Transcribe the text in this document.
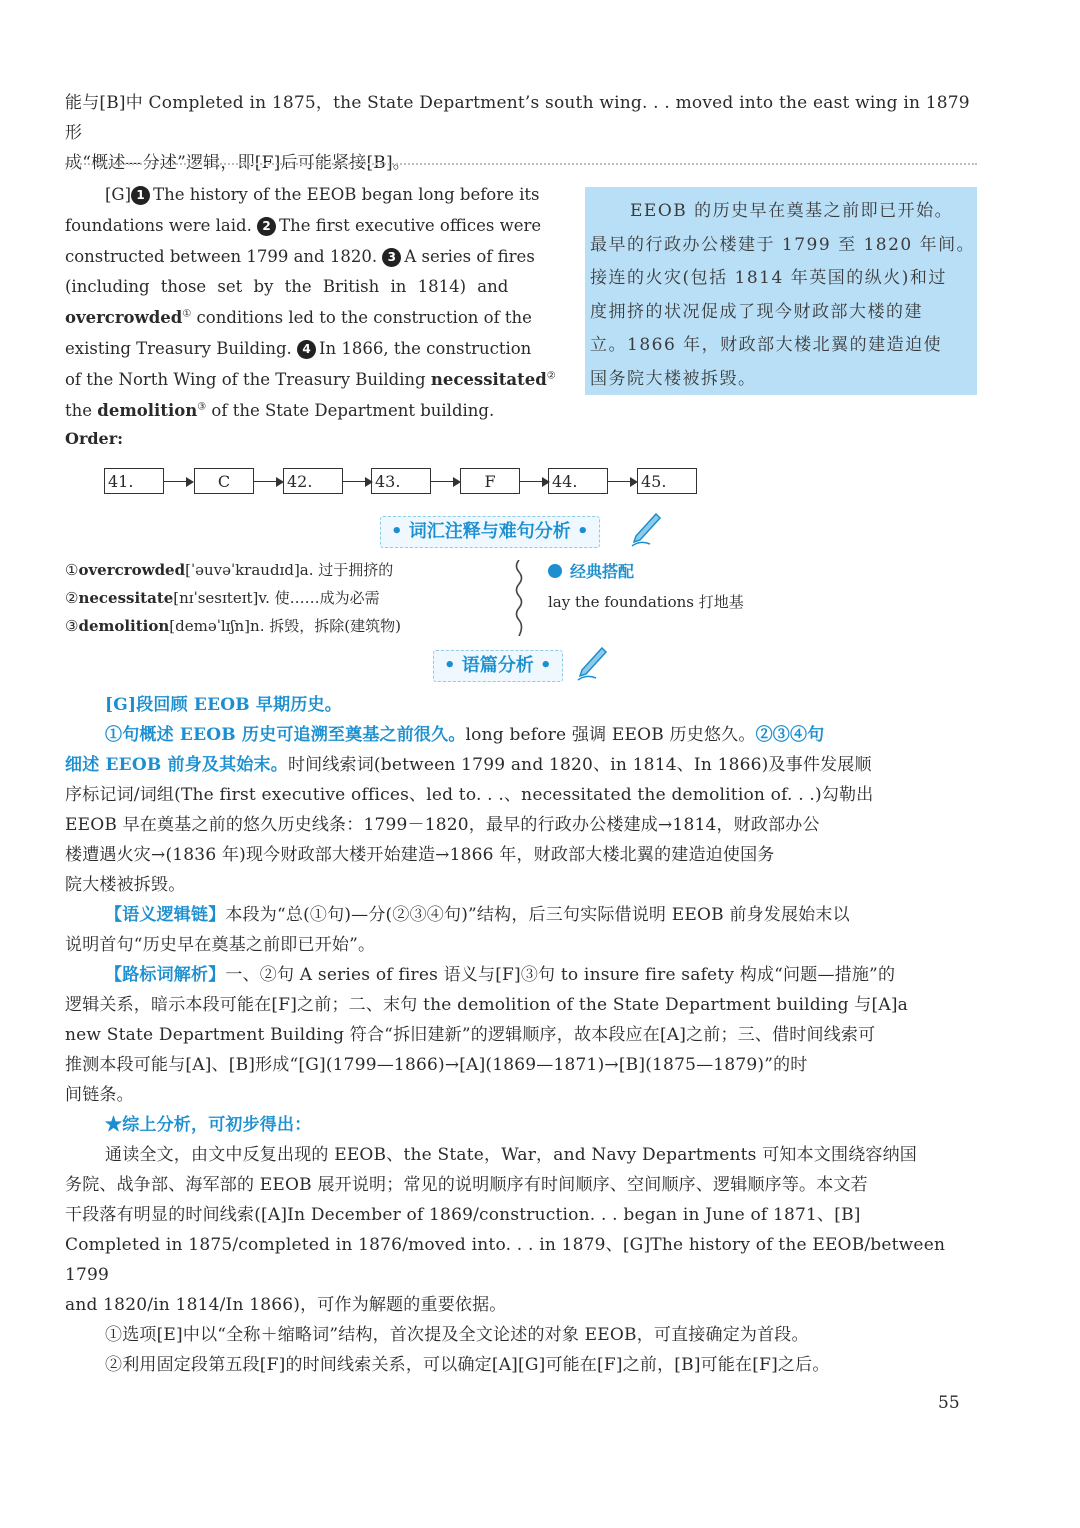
能与[B]中 Completed in 1875，the State Department’s south wing. . . moved into the east wing in 1879 形
成“概述—分述”逻辑，即[F]后可能紧接[B]。
[G] 1 The history of the EEOB began long before its
foundations were laid. 2 The first executive offices were
constructed between 1799 and 1820. 3 A series of fires
(including those set by the British in 1814) and
overcrowded① conditions led to the construction of the
existing Treasury Building. 4 In 1866, the construction
of the North Wing of the Treasury Building necessitated②
the demolition③ of the State Department building.
EEOB 的历史早在奠基之前即已开始。
最早的行政办公楼建于 1799 至 1820 年间。
接连的火灾(包括 1814 年英国的纵火)和过
度拥挤的状况促成了现今财政部大楼的建
立。1866 年，财政部大楼北翼的建造迫使
国务院大楼被拆毁。
Order:
41.	C	42.	43.	F	44.	45.
• 词汇注释与难句分析 •
①overcrowded[ˈəuvəˈkraudɪd]a. 过于拥挤的
②necessitate[nɪˈsesɪteɪt]v. 使……成为必需
③demolition[deməˈlɪʃn]n. 拆毁，拆除(建筑物)
经典搭配
lay the foundations 打地基
• 语篇分析 •
[G]段回顾 EEOB 早期历史。
①句概述 EEOB 历史可追溯至奠基之前很久。long before 强调 EEOB 历史悠久。②③④句
细述 EEOB 前身及其始末。时间线索词(between 1799 and 1820、in 1814、In 1866)及事件发展顺
序标记词/词组(The first executive offices、led to. . .、necessitated the demolition of. . .)勾勒出
EEOB 早在奠基之前的悠久历史线条：1799－1820，最早的行政办公楼建成→1814，财政部办公
楼遭遇火灾→(1836 年)现今财政部大楼开始建造→1866 年，财政部大楼北翼的建造迫使国务
院大楼被拆毁。
【语义逻辑链】本段为“总(①句)—分(②③④句)”结构，后三句实际借说明 EEOB 前身发展始末以
说明首句“历史早在奠基之前即已开始”。
【路标词解析】一、②句 A series of fires 语义与[F]③句 to insure fire safety 构成“问题—措施”的
逻辑关系，暗示本段可能在[F]之前；二、末句 the demolition of the State Department building 与[A]a
new State Department Building 符合“拆旧建新”的逻辑顺序，故本段应在[A]之前；三、借时间线索可
推测本段可能与[A]、[B]形成“[G](1799—1866)→[A](1869—1871)→[B](1875—1879)”的时
间链条。
★综上分析，可初步得出：
通读全文，由文中反复出现的 EEOB、the State，War，and Navy Departments 可知本文围绕容纳国
务院、战争部、海军部的 EEOB 展开说明；常见的说明顺序有时间顺序、空间顺序、逻辑顺序等。本文若
干段落有明显的时间线索([A]In December of 1869/construction. . . began in June of 1871、[B]
Completed in 1875/completed in 1876/moved into. . . in 1879、[G]The history of the EEOB/between 1799
and 1820/in 1814/In 1866)，可作为解题的重要依据。
①选项[E]中以“全称＋缩略词”结构，首次提及全文论述的对象 EEOB，可直接确定为首段。
②利用固定段第五段[F]的时间线索关系，可以确定[A][G]可能在[F]之前，[B]可能在[F]之后。
55
